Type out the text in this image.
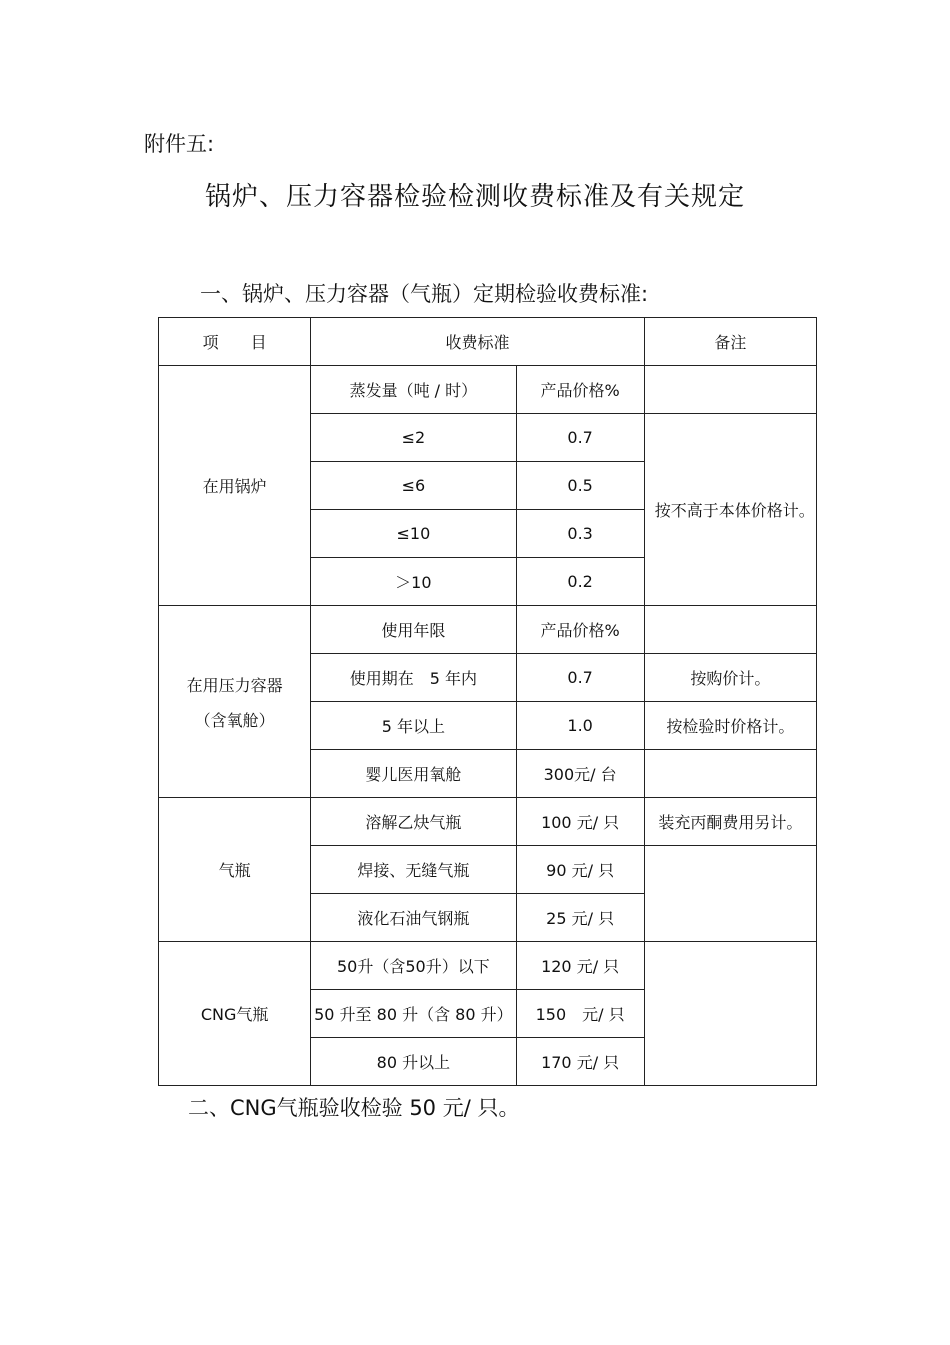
附件五:
锅炉、压力容器检验检测收费标准及有关规定
一、锅炉、压力容器（气瓶）定期检验收费标准:
项　　目	收费标准		备注
在用锅炉	蒸发量（吨 / 时）	产品价格%	
	≤2	0.7	按不高于本体价格计。
	≤6	0.5	
	≤10	0.3	
	＞10	0.2	

在用压力容器
（含氧舱）	使用年限	产品价格%	
	使用期在　5 年内	0.7	按购价计。
	5 年以上	1.0	按检验时价格计。
	婴儿医用氧舱	300元/ 台	
气瓶	溶解乙炔气瓶	100 元/ 只	装充丙酮费用另计。
	焊接、无缝气瓶	90 元/ 只	
	液化石油气钢瓶	25 元/ 只	
CNG气瓶	50升（含50升）以下	120 元/ 只	
	50 升至 80 升（含 80 升）	150　元/ 只	
	80 升以上	170 元/ 只	
二、CNG气瓶验收检验 50 元/ 只。
